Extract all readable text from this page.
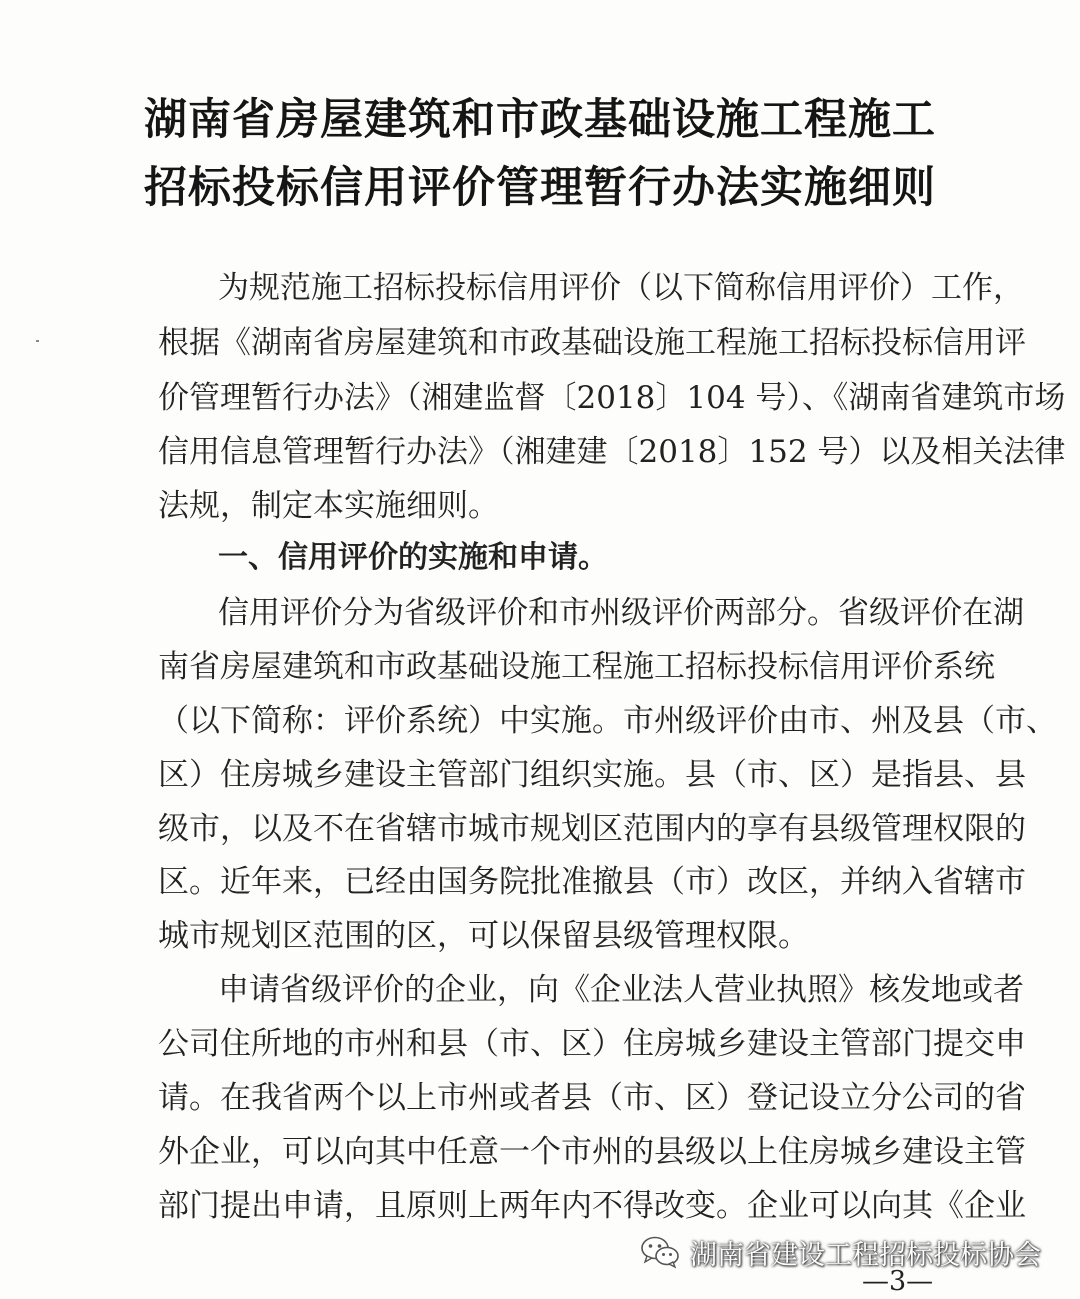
湖南省房屋建筑和市政基础设施工程施工
招标投标信用评价管理暂行办法实施细则
为规范施工招标投标信用评价（以下简称信用评价）工作，
根据《湖南省房屋建筑和市政基础设施工程施工招标投标信用评
价管理暂行办法》（湘建监督〔2018〕104 号）、《湖南省建筑市场
信用信息管理暂行办法》（湘建建〔2018〕152 号）以及相关法律
法规，制定本实施细则。
一、信用评价的实施和申请。
信用评价分为省级评价和市州级评价两部分。省级评价在湖
南省房屋建筑和市政基础设施工程施工招标投标信用评价系统
（以下简称：评价系统）中实施。市州级评价由市、州及县（市、
区）住房城乡建设主管部门组织实施。县（市、区）是指县、县
级市，以及不在省辖市城市规划区范围内的享有县级管理权限的
区。近年来，已经由国务院批准撤县（市）改区，并纳入省辖市
城市规划区范围的区，可以保留县级管理权限。
申请省级评价的企业，向《企业法人营业执照》核发地或者
公司住所地的市州和县（市、区）住房城乡建设主管部门提交申
请。在我省两个以上市州或者县（市、区）登记设立分公司的省
外企业，可以向其中任意一个市州的县级以上住房城乡建设主管
部门提出申请，且原则上两年内不得改变。企业可以向其《企业
湖南省建设工程招标投标协会
—3—
